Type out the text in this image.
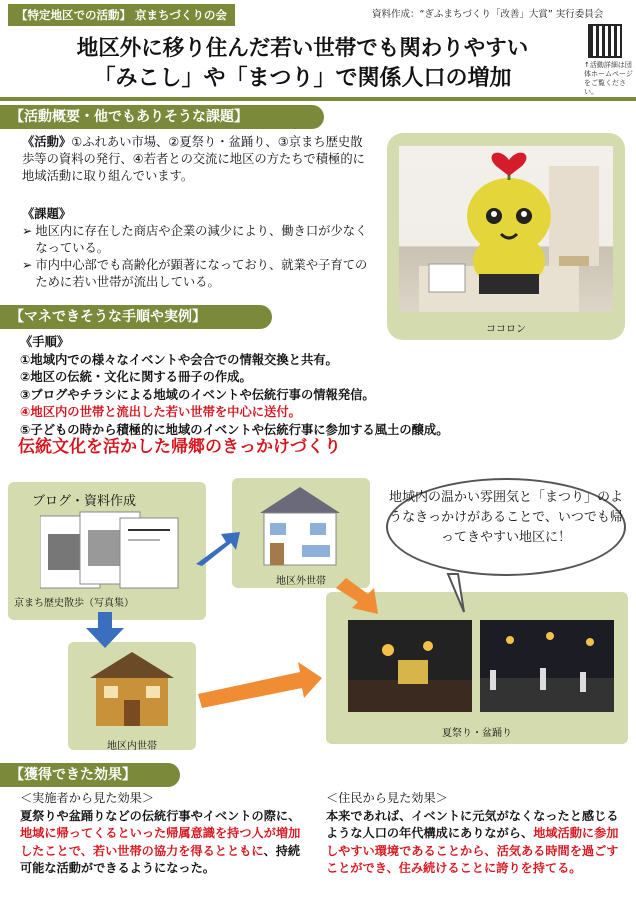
【特定地区での活動】 京まちづくりの会	資料作成：“ぎふまちづくり「改善」大賞” 実行委員会
地区外に移り住んだ若い世帯でも関わりやすい
「みこし」や「まつり」で関係人口の増加
↑活動詳細は団体ホームページをご覧ください。
【活動概要・他でもありそうな課題】
《活動》①ふれあい市場、②夏祭り・盆踊り、③京まち歴史散歩等の資料の発行、④若者との交流に地区の方たちで積極的に地域活動に取り組んでいます。
《課題》
➢ 地区内に存在した商店や企業の減少により、働き口が少なくなっている。
➢ 市内中心部でも高齢化が顕著になっており、就業や子育てのために若い世帯が流出している。
ココロン
【マネできそうな手順や実例】
《手順》
①地域内での様々なイベントや会合での情報交換と共有。
②地区の伝統・文化に関する冊子の作成。
③ブログやチラシによる地域のイベントや伝統行事の情報発信。
④地区内の世帯と流出した若い世帯を中心に送付。
⑤子どもの時から積極的に地域のイベントや伝統行事に参加する風土の醸成。
伝統文化を活かした帰郷のきっかけづくり
ブログ・資料作成
京まち歴史散歩（写真集）
地区外世帯
地域内の温かい雰囲気と「まつり」のようなきっかけがあることで、いつでも帰ってきやすい地区に！
地区内世帯
夏祭り・盆踊り
【獲得できた効果】
＜実施者から見た効果＞
夏祭りや盆踊りなどの伝統行事やイベントの際に、地域に帰ってくるといった帰属意識を持つ人が増加したことで、若い世帯の協力を得るとともに、持続可能な活動ができるようになった。
＜住民から見た効果＞
本来であれば、イベントに元気がなくなったと感じるような人口の年代構成にありながら、地域活動に参加しやすい環境であることから、活気ある時間を過ごすことができ、住み続けることに誇りを持てる。
